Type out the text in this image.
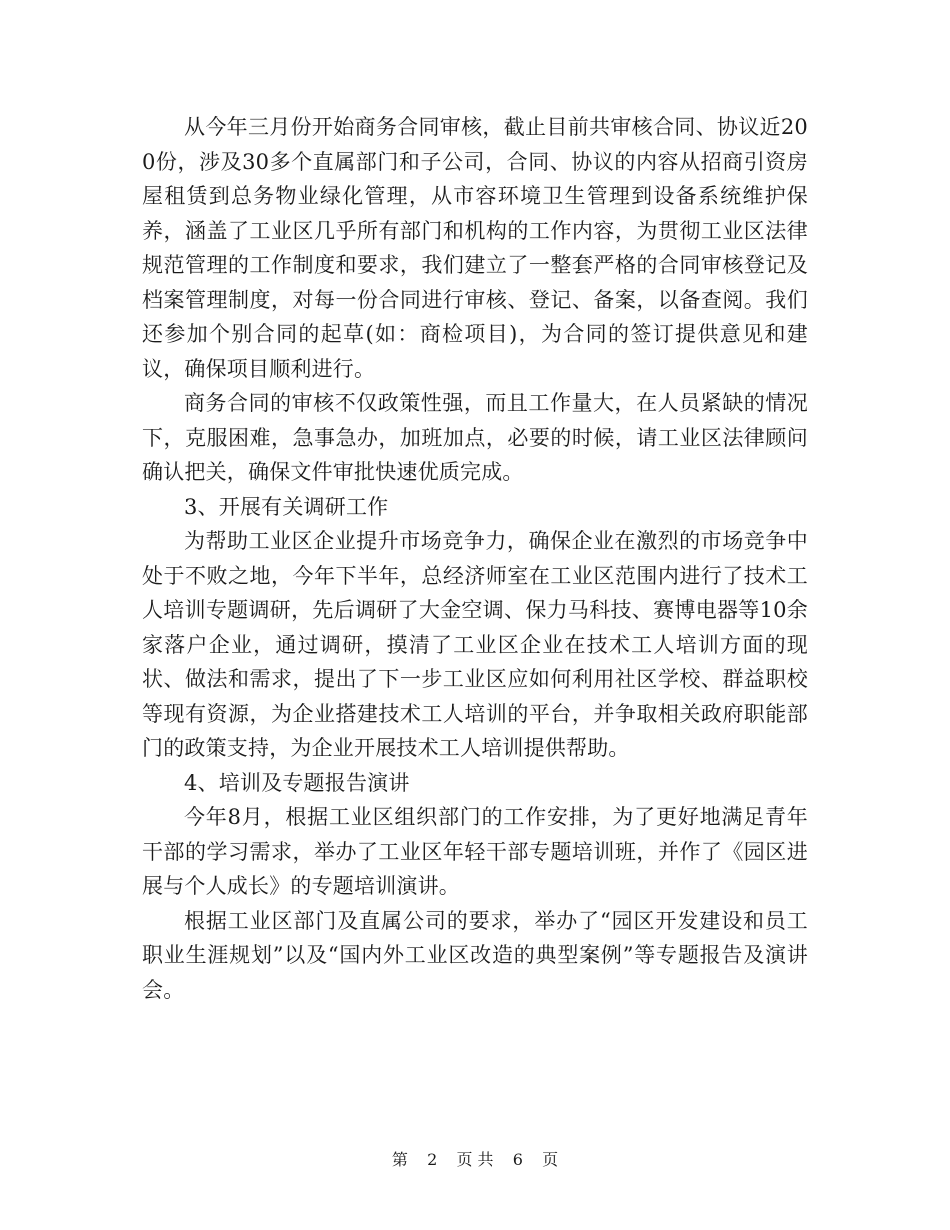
从今年三月份开始商务合同审核，截止目前共审核合同、协议近200份，涉及30多个直属部门和子公司，合同、协议的内容从招商引资房屋租赁到总务物业绿化管理，从市容环境卫生管理到设备系统维护保养，涵盖了工业区几乎所有部门和机构的工作内容，为贯彻工业区法律规范管理的工作制度和要求，我们建立了一整套严格的合同审核登记及档案管理制度，对每一份合同进行审核、登记、备案，以备查阅。我们还参加个别合同的起草(如：商检项目)，为合同的签订提供意见和建议，确保项目顺利进行。

商务合同的审核不仅政策性强，而且工作量大，在人员紧缺的情况下，克服困难，急事急办，加班加点，必要的时候，请工业区法律顾问确认把关，确保文件审批快速优质完成。

3、开展有关调研工作

为帮助工业区企业提升市场竞争力，确保企业在激烈的市场竞争中处于不败之地，今年下半年，总经济师室在工业区范围内进行了技术工人培训专题调研，先后调研了大金空调、保力马科技、赛博电器等10余家落户企业，通过调研，摸清了工业区企业在技术工人培训方面的现状、做法和需求，提出了下一步工业区应如何利用社区学校、群益职校等现有资源，为企业搭建技术工人培训的平台，并争取相关政府职能部门的政策支持，为企业开展技术工人培训提供帮助。

4、培训及专题报告演讲

今年8月，根据工业区组织部门的工作安排，为了更好地满足青年干部的学习需求，举办了工业区年轻干部专题培训班，并作了《园区进展与个人成长》的专题培训演讲。

根据工业区部门及直属公司的要求，举办了“园区开发建设和员工职业生涯规划”以及“国内外工业区改造的典型案例”等专题报告及演讲会。

第 2 页 共 6 页
